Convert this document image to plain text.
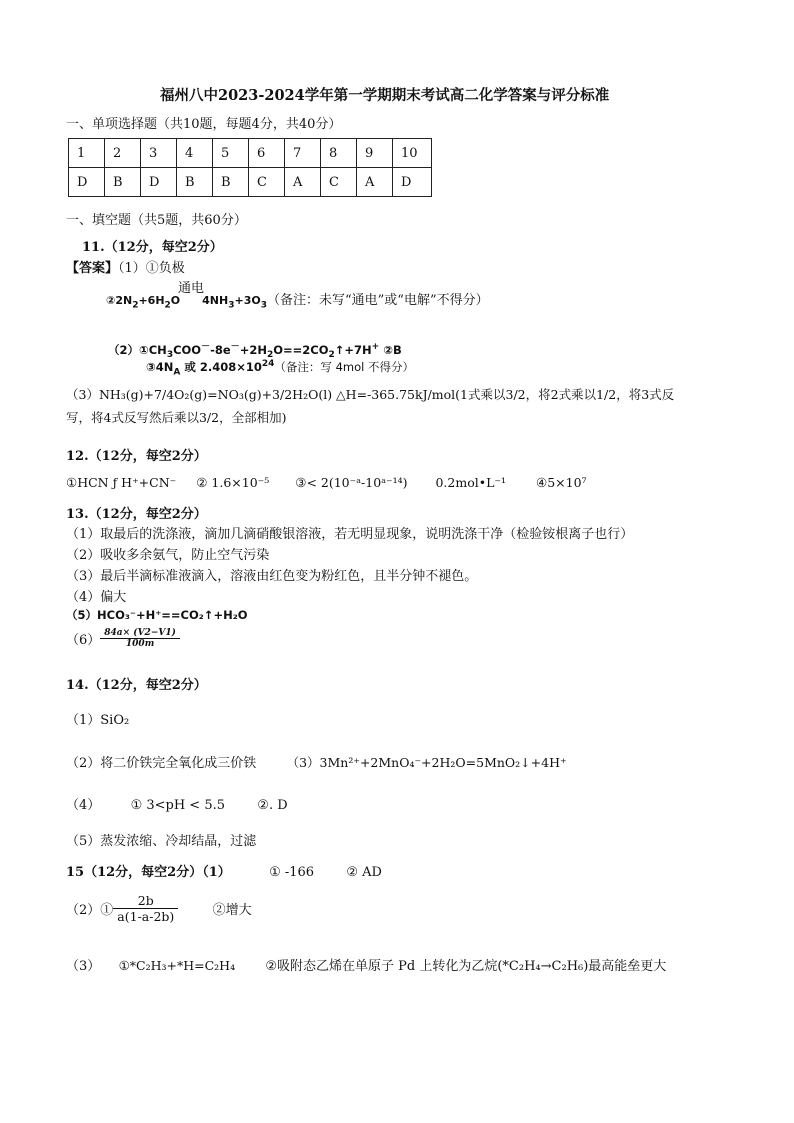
福州八中2023-2024学年第一学期期末考试高二化学答案与评分标准
一、单项选择题（共10题，每题4分，共40分）
1	2	3	4	5	6	7	8	9	10
D	B	D	B	B	C	A	C	A	D
一、填空题（共5题，共60分）
11.（12分，每空2分）
【答案】（1）①负极
通电
$②2N_2+6H_2O$ $4NH_3+3O_3$（备注：未写“通电”或“电解”不得分）
$(2)①CH_3COO^--8e^-+2H_2O==2CO_2↑+7H^+$ ②B
$③4N_A$ 或 $2.408\times 10^{24}$（备注：写 4mol 不得分）
（3）NH₃(g)+7/4O₂(g)=NO₃(g)+3/2H₂O(l) △H=-365.75kJ/mol(1式乘以3/2，将2式乘以1/2，将3式反
写，将4式反写然后乘以3/2，全部相加)
12.（12分，每空2分）
①HCN ƒ H⁺+CN⁻ ② 1.6×10⁻⁵ ③< 2(10⁻ᵃ-10ᵃ⁻¹⁴) 0.2mol•L⁻¹ ④5×10⁷
13.（12分，每空2分）
（1）取最后的洗涤液，滴加几滴硝酸银溶液，若无明显现象，说明洗涤干净（检验铵根离子也行）
（2）吸收多余氨气，防止空气污染
（3）最后半滴标准液滴入，溶液由红色变为粉红色，且半分钟不褪色。
（4）偏大
（5）HCO₃⁻+H⁺==CO₂↑+H₂O
$(6) \frac{84a\times (V2-V1)}{100m}$
14.（12分，每空2分）
（1）SiO₂
（2）将二价铁完全氧化成三价铁 （3）3Mn²⁺+2MnO₄⁻+2H₂O=5MnO₂↓+4H⁺
（4） ① 3<pH < 5.5 ②. D
（5）蒸发浓缩、冷却结晶，过滤
15（12分，每空2分）（1）	① -166 ② AD
（2）① $\frac{2b}{a(1-a-2b)}$	②增大
（3） ①*C₂H₃+*H=C₂H₄ ②吸附态乙烯在单原子 Pd 上转化为乙烷(*C₂H₄→C₂H₆)最高能垒更大
